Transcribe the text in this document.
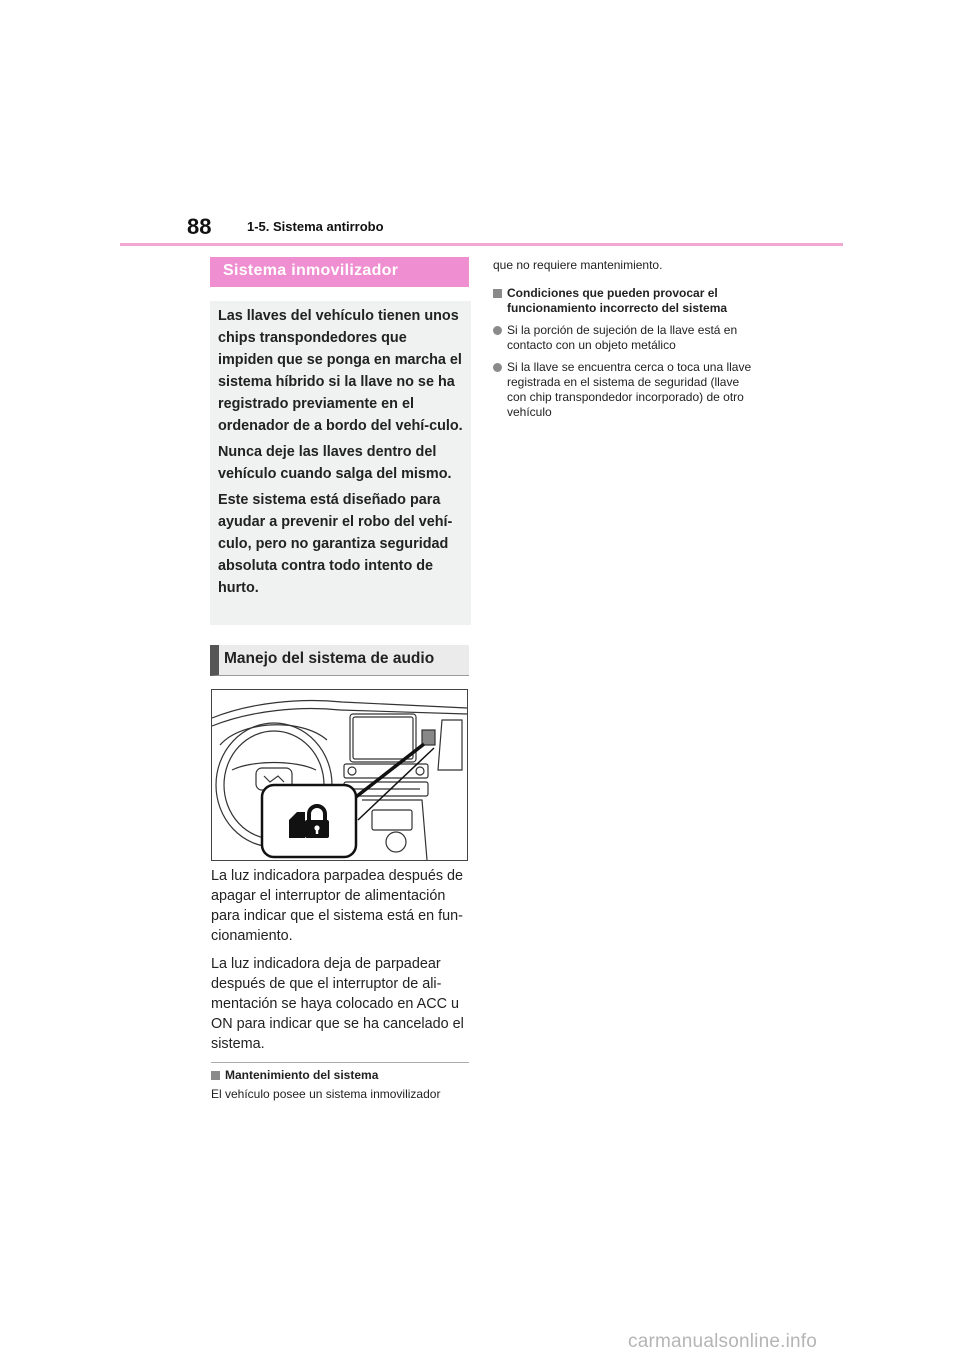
88	1-5. Sistema antirrobo
Sistema inmovilizador

Las llaves del vehículo tienen unos chips transpondedores que impiden que se ponga en marcha el sistema híbrido si la llave no se ha registrado previamente en el ordenador de a bordo del vehí-culo.

Nunca deje las llaves dentro del vehículo cuando salga del mismo.

Este sistema está diseñado para ayudar a prevenir el robo del vehí-culo, pero no garantiza seguridad absoluta contra todo intento de hurto.

Manejo del sistema de audio

La luz indicadora parpadea después de apagar el interruptor de alimentación para indicar que el sistema está en fun-cionamiento.

La luz indicadora deja de parpadear después de que el interruptor de ali-mentación se haya colocado en ACC u ON para indicar que se ha cancelado el sistema.

Mantenimiento del sistema

El vehículo posee un sistema inmovilizador

que no requiere mantenimiento.

Condiciones que pueden provocar el funcionamiento incorrecto del sistema
Si la porción de sujeción de la llave está en contacto con un objeto metálico
Si la llave se encuentra cerca o toca una llave registrada en el sistema de seguridad (llave con chip transpondedor incorporado) de otro vehículo
carmanualsonline.info
